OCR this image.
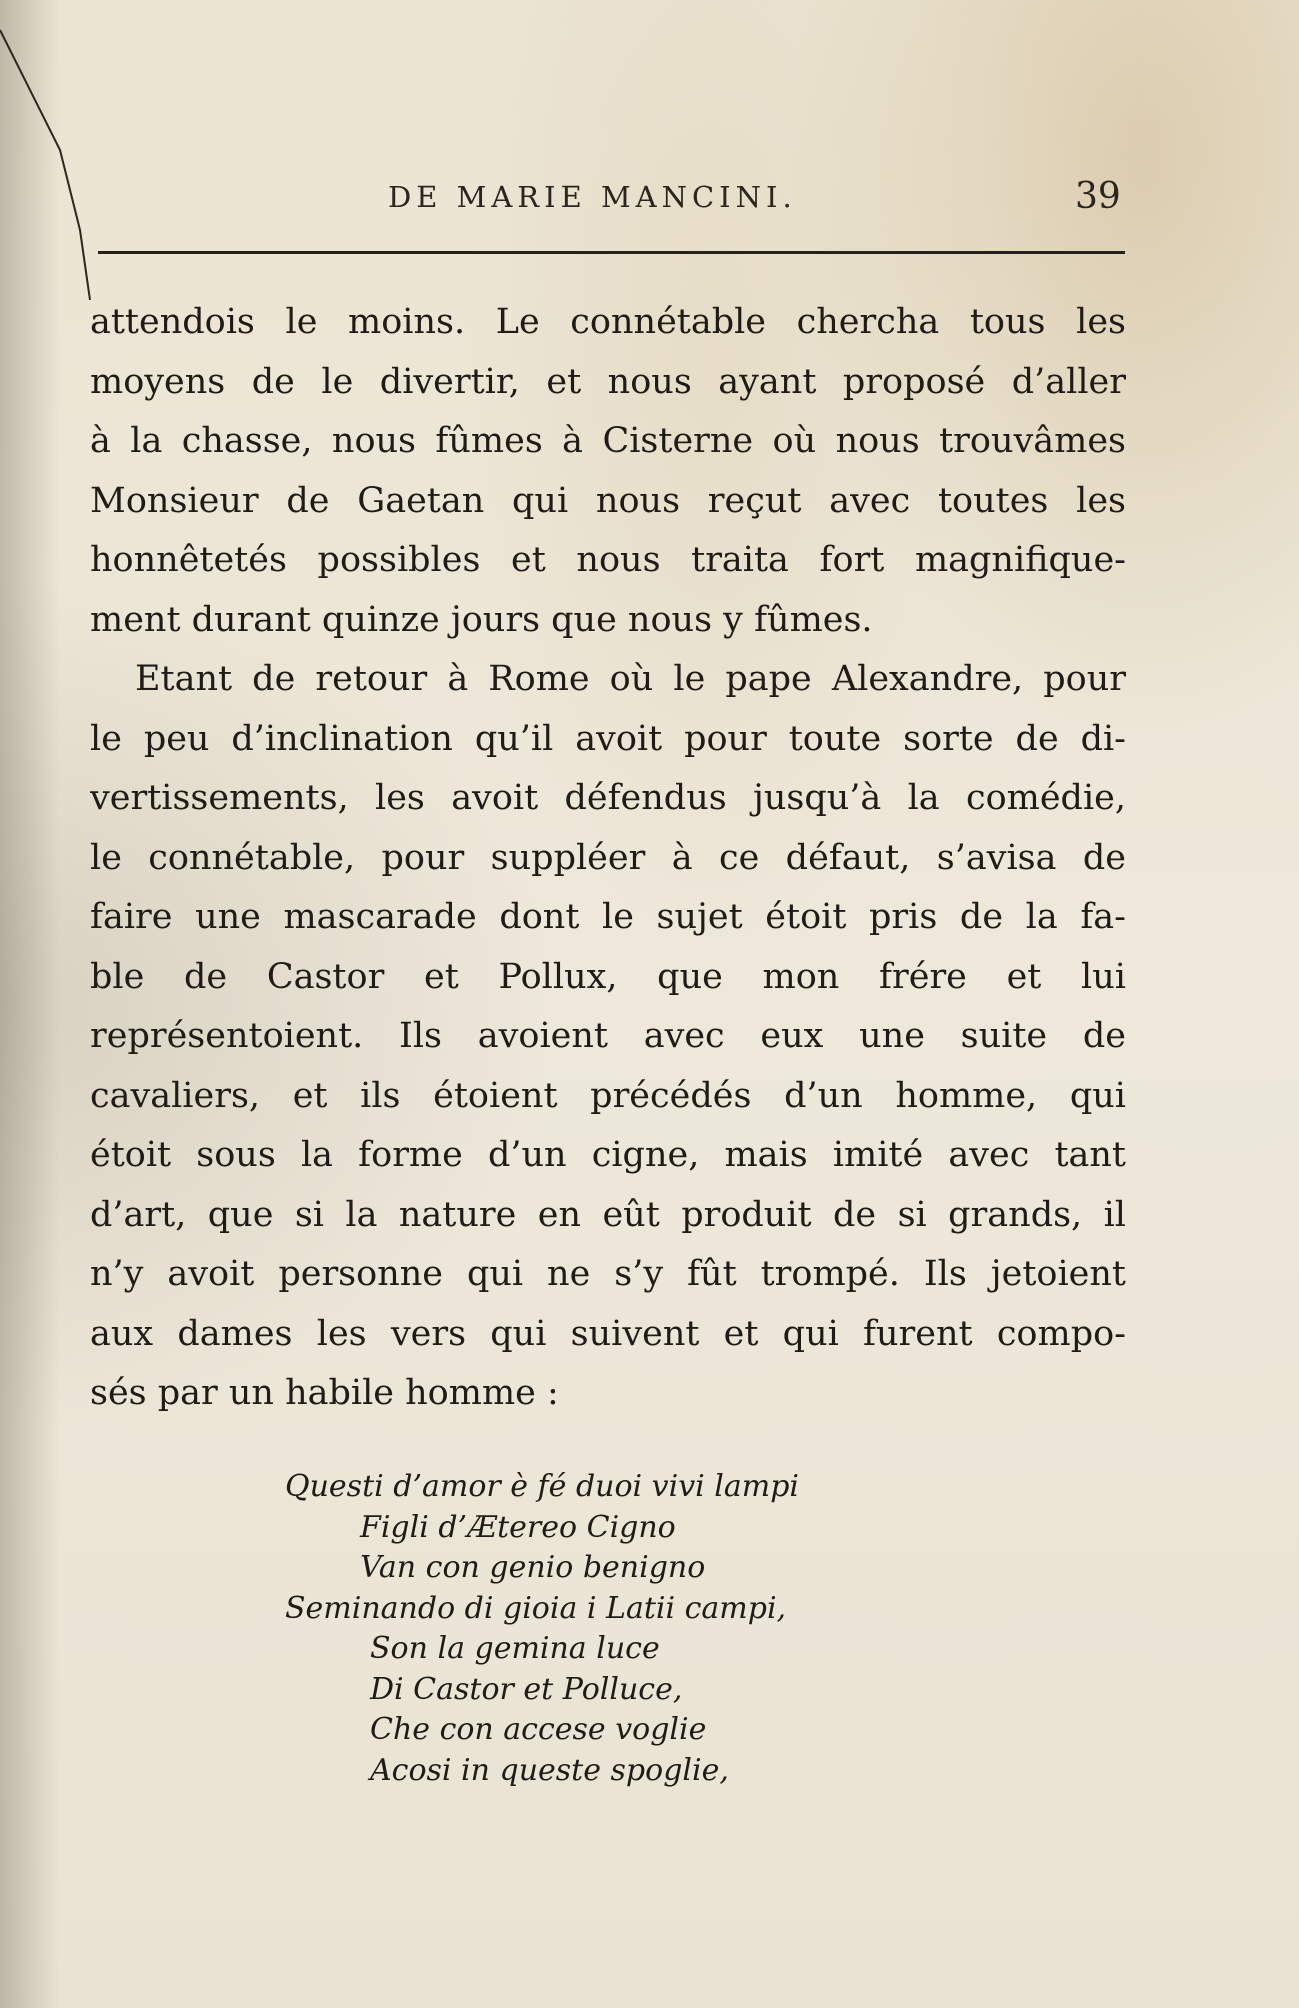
DE MARIE MANCINI.	39
attendois le moins. Le connétable chercha tous les
moyens de le divertir, et nous ayant proposé d’aller
à la chasse, nous fûmes à Cisterne où nous trouvâmes
Monsieur de Gaetan qui nous reçut avec toutes les
honnêtetés possibles et nous traita fort magnifique-
ment durant quinze jours que nous y fûmes.
Etant de retour à Rome où le pape Alexandre, pour
le peu d’inclination qu’il avoit pour toute sorte de di-
vertissements, les avoit défendus jusqu’à la comédie,
le connétable, pour suppléer à ce défaut, s’avisa de
faire une mascarade dont le sujet étoit pris de la fa-
ble de Castor et Pollux, que mon frére et lui
représentoient. Ils avoient avec eux une suite de
cavaliers, et ils étoient précédés d’un homme, qui
étoit sous la forme d’un cigne, mais imité avec tant
d’art, que si la nature en eût produit de si grands, il
n’y avoit personne qui ne s’y fût trompé. Ils jetoient
aux dames les vers qui suivent et qui furent compo-
sés par un habile homme :
Questi d’amor è fé duoi vivi lampi
Figli d’Ætereo Cigno
Van con genio benigno
Seminando di gioia i Latii campi,
Son la gemina luce
Di Castor et Polluce,
Che con accese voglie
Acosi in queste spoglie,
